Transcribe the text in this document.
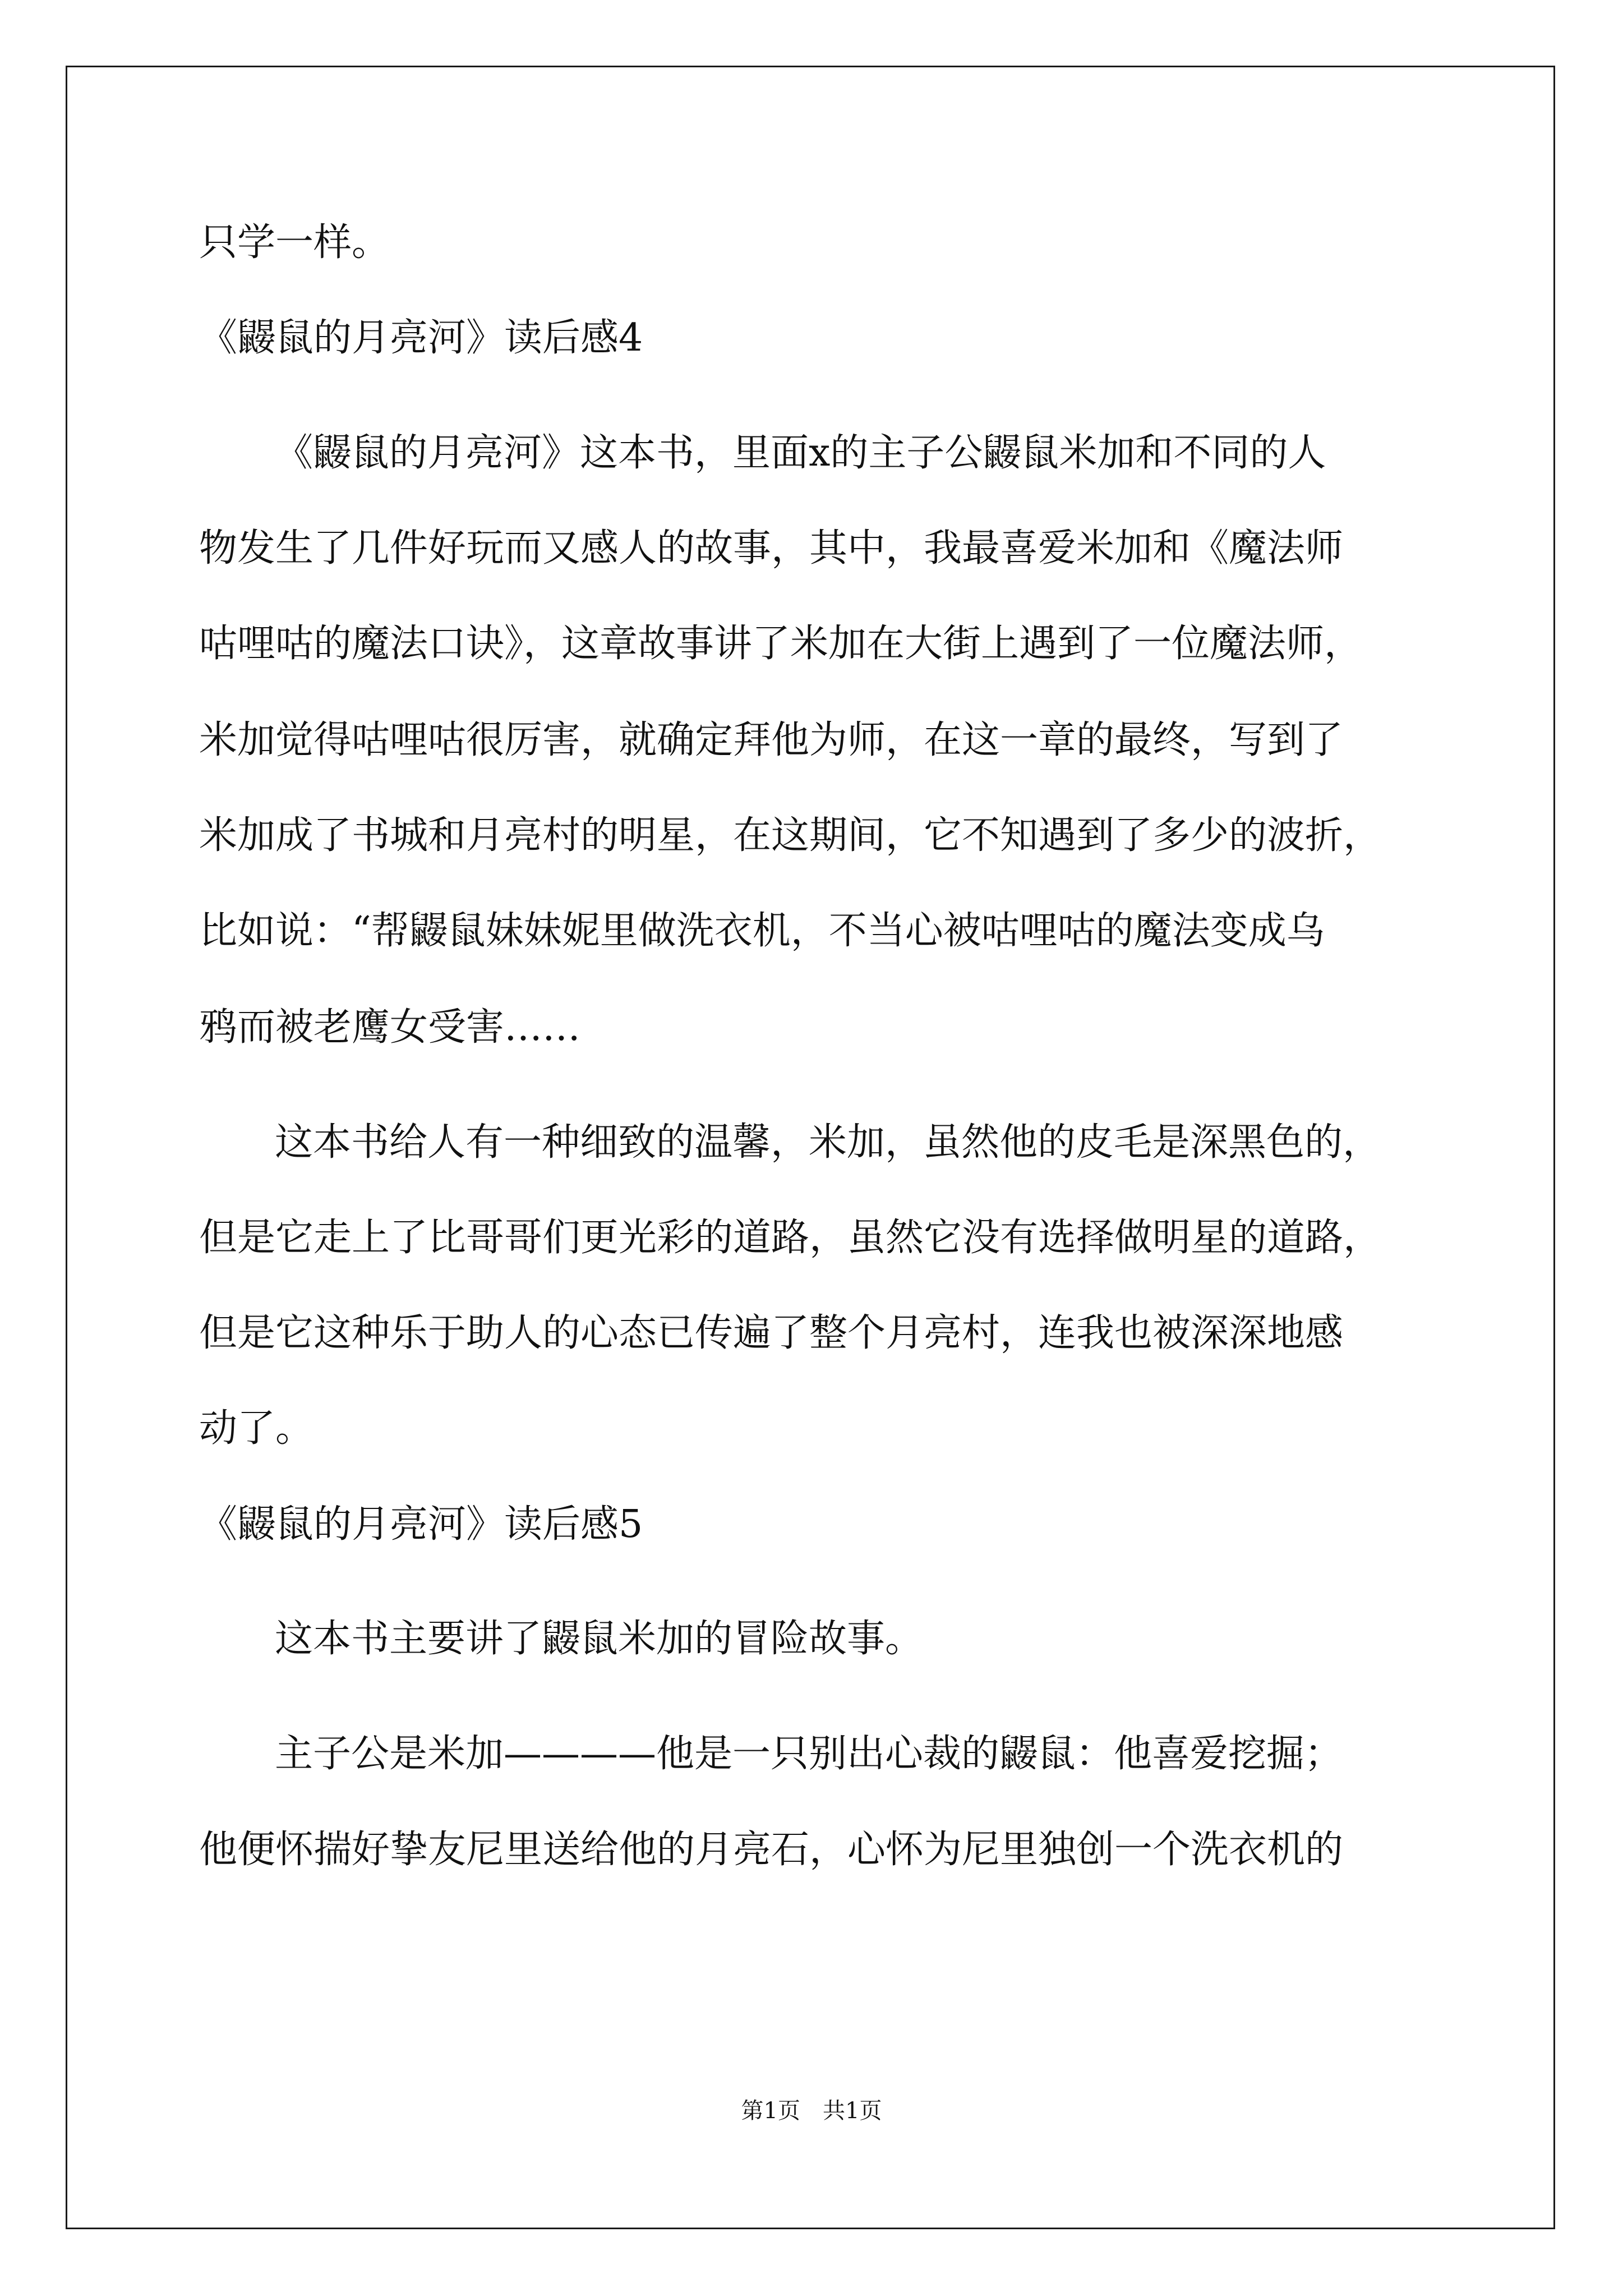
只学一样。

《鼹鼠的月亮河》读后感4

《鼹鼠的月亮河》这本书，里面x的主子公鼹鼠米加和不同的人

物发生了几件好玩而又感人的故事，其中，我最喜爱米加和《魔法师

咕哩咕的魔法口诀》，这章故事讲了米加在大街上遇到了一位魔法师，

米加觉得咕哩咕很厉害，就确定拜他为师，在这一章的最终，写到了

米加成了书城和月亮村的明星，在这期间，它不知遇到了多少的波折，

比如说：“帮鼹鼠妹妹妮里做洗衣机，不当心被咕哩咕的魔法变成乌

鸦而被老鹰女受害……

这本书给人有一种细致的温馨，米加，虽然他的皮毛是深黑色的，

但是它走上了比哥哥们更光彩的道路，虽然它没有选择做明星的道路，

但是它这种乐于助人的心态已传遍了整个月亮村，连我也被深深地感

动了。

《鼹鼠的月亮河》读后感5

这本书主要讲了鼹鼠米加的冒险故事。

主子公是米加————他是一只别出心裁的鼹鼠：他喜爱挖掘；

他便怀揣好挚友尼里送给他的月亮石，心怀为尼里独创一个洗衣机的

第1页 共1页
